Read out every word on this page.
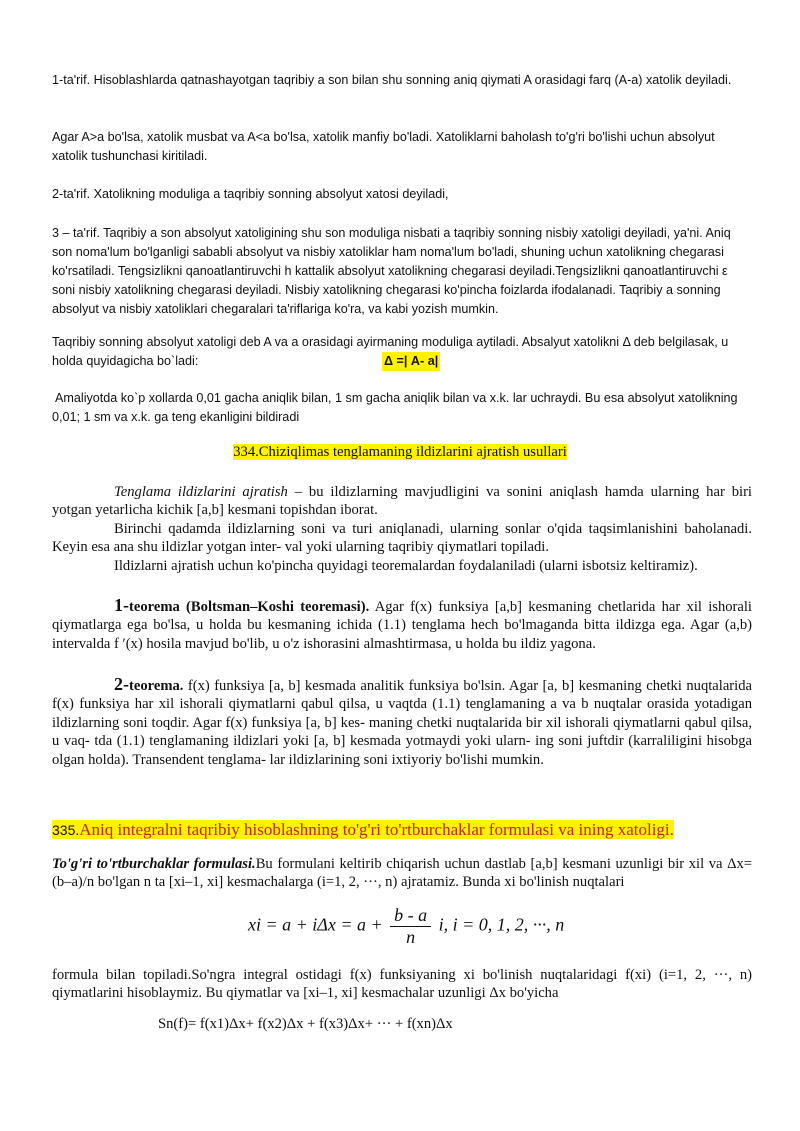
1-ta'rif. Hisoblashlarda qatnashayotgan taqribiy a son bilan shu sonning aniq qiymati A orasidagi farq (A-a) xatolik deyiladi.

Agar A>a bo'lsa, xatolik musbat va A<a bo'lsa, xatolik manfiy bo'ladi. Xatoliklarni baholash to'g'ri bo'lishi uchun absolyut xatolik tushunchasi kiritiladi.

2-ta'rif. Xatolikning moduliga a taqribiy sonning absolyut xatosi deyiladi,

3 – ta'rif. Taqribiy a son absolyut xatoligining shu son moduliga nisbati a taqribiy sonning nisbiy xatoligi deyiladi, ya'ni. Aniq son noma'lum bo'lganligi sababli absolyut va nisbiy xatoliklar ham noma'lum bo'ladi, shuning uchun xatolikning chegarasi ko'rsatiladi. Tengsizlikni qanoatlantiruvchi h kattalik absolyut xatolikning chegarasi deyiladi.Tengsizlikni qanoatlantiruvchi ε soni nisbiy xatolikning chegarasi deyiladi. Nisbiy xatolikning chegarasi ko'pincha foizlarda ifodalanadi. Taqribiy a sonning absolyut va nisbiy xatoliklari chegaralari ta'riflariga ko'ra, va kabi yozish mumkin.

Taqribiy sonning absolyut xatoligi deb A va a orasidagi ayirmaning moduliga aytiladi. Absalyut xatolikni Δ deb belgilasak, u holda quyidagicha bo`ladi:	Δ =| A- a|

Amaliyotda ko`p xollarda 0,01 gacha aniqlik bilan, 1 sm gacha aniqlik bilan va x.k. lar uchraydi. Bu esa absolyut xatolikning 0,01; 1 sm va x.k. ga teng ekanligini bildiradi

334.Chiziqlimas tenglamaning ildizlarini ajratish usullari

Tenglama ildizlarini ajratish – bu ildizlarning mavjudligini va sonini aniqlash hamda ularning har biri yotgan yetarlicha kichik [a,b] kesmani topishdan iborat.

Birinchi qadamda ildizlarning soni va turi aniqlanadi, ularning sonlar o'qida taqsimlanishini baholanadi. Keyin esa ana shu ildizlar yotgan inter- val yoki ularning taqribiy qiymatlari topiladi.

Ildizlarni ajratish uchun ko'pincha quyidagi teoremalardan foydalaniladi (ularni isbotsiz keltiramiz).

1-teorema (Boltsman–Koshi teoremasi). Agar f(x) funksiya [a,b] kesmaning chetlarida har xil ishorali qiymatlarga ega bo'lsa, u holda bu kesmaning ichida (1.1) tenglama hech bo'lmaganda bitta ildizga ega. Agar (a,b) intervalda f ′(x) hosila mavjud bo'lib, u o'z ishorasini almashtirmasa, u holda bu ildiz yagona.

2-teorema. f(x) funksiya [a, b] kesmada analitik funksiya bo'lsin. Agar [a, b] kesmaning chetki nuqtalarida f(x) funksiya har xil ishorali qiymatlarni qabul qilsa, u vaqtda (1.1) tenglamaning a va b nuqtalar orasida yotadigan ildizlarning soni toqdir. Agar f(x) funksiya [a, b] kes- maning chetki nuqtalarida bir xil ishorali qiymatlarni qabul qilsa, u vaq- tda (1.1) tenglamaning ildizlari yoki [a, b] kesmada yotmaydi yoki ularn- ing soni juftdir (karraliligini hisobga olgan holda). Transendent tenglama- lar ildizlarining soni ixtiyoriy bo'lishi mumkin.

335.Aniq integralni taqribiy hisoblashning to'g'ri to'rtburchaklar formulasi va ining xatoligi.

To'g'ri to'rtburchaklar formulasi.Bu formulani keltirib chiqarish uchun dastlab [a,b] kesmani uzunligi bir xil va Δx=(b–a)/n bo'lgan n ta [xi–1, xi] kesmachalarga (i=1, 2, ···, n) ajratamiz. Bunda xi bo'linish nuqtalari

xi = $a + i\Delta x = a + \frac{b - a}{n} i$, i = 0, 1, 2, ···, n

formula bilan topiladi.So'ngra integral ostidagi f(x) funksiyaning xi bo'linish nuqtalaridagi f(xi) (i=1, 2, ···, n) qiymatlarini hisoblaymiz. Bu qiymatlar va [xi–1, xi] kesmachalar uzunligi Δx bo'yicha

Sn(f)= f(x1)Δx+ f(x2)Δx + f(x3)Δx+ ··· + f(xn)Δx
